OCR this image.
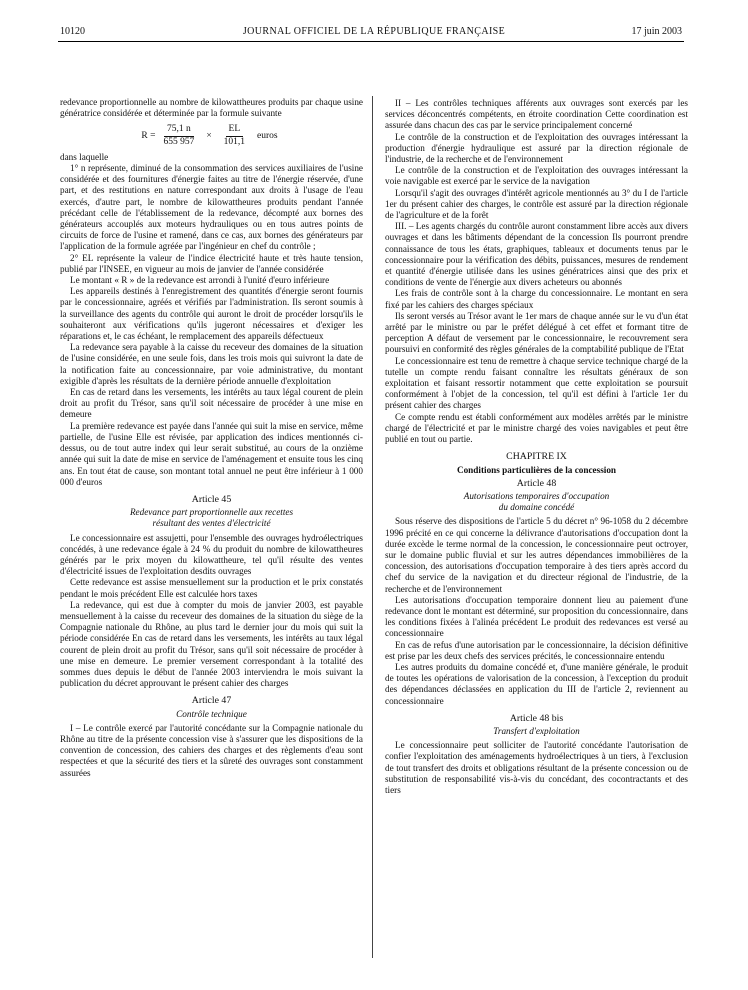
10120	JOURNAL OFFICIEL DE LA RÉPUBLIQUE FRANÇAISE	17 juin 2003

redevance proportionnelle au nombre de kilowattheures produits par chaque usine génératrice considérée et déterminée par la formule suivante

$R = \frac{75,1 n}{655 957} \times \frac{EL}{101,1}$ euros

dans laquelle

1° n représente, diminué de la consommation des services auxiliaires de l'usine considérée et des fournitures d'énergie faites au titre de l'énergie réservée, d'une part, et des restitutions en nature correspondant aux droits à l'usage de l'eau exercés, d'autre part, le nombre de kilowattheures produits pendant l'année précédant celle de l'établissement de la redevance, décompté aux bornes des générateurs accouplés aux moteurs hydrauliques ou en tous autres points de circuits de force de l'usine et ramené, dans ce cas, aux bornes des générateurs par l'application de la formule agréée par l'ingénieur en chef du contrôle ;

2° EL représente la valeur de l'indice électricité haute et très haute tension, publié par l'INSEE, en vigueur au mois de janvier de l'année considérée

Le montant « R » de la redevance est arrondi à l'unité d'euro inférieure

Les appareils destinés à l'enregistrement des quantités d'énergie seront fournis par le concessionnaire, agréés et vérifiés par l'administration. Ils seront soumis à la surveillance des agents du contrôle qui auront le droit de procéder lorsqu'ils le souhaiteront aux vérifications qu'ils jugeront nécessaires et d'exiger les réparations et, le cas échéant, le remplacement des appareils défectueux

La redevance sera payable à la caisse du receveur des domaines de la situation de l'usine considérée, en une seule fois, dans les trois mois qui suivront la date de la notification faite au concessionnaire, par voie administrative, du montant exigible d'après les résultats de la dernière période annuelle d'exploitation

En cas de retard dans les versements, les intérêts au taux légal courent de plein droit au profit du Trésor, sans qu'il soit nécessaire de procéder à une mise en demeure

La première redevance est payée dans l'année qui suit la mise en service, même partielle, de l'usine Elle est révisée, par application des indices mentionnés ci-dessus, ou de tout autre index qui leur serait substitué, au cours de la onzième année qui suit la date de mise en service de l'aménagement et ensuite tous les cinq ans. En tout état de cause, son montant total annuel ne peut être inférieur à 1 000 000 d'euros

Article 45

Redevance part proportionnelle aux recettes

résultant des ventes d'électricité

Le concessionnaire est assujetti, pour l'ensemble des ouvrages hydroélectriques concédés, à une redevance égale à 24 % du produit du nombre de kilowattheures générés par le prix moyen du kilowattheure, tel qu'il résulte des ventes d'électricité issues de l'exploitation desdits ouvrages

Cette redevance est assise mensuellement sur la production et le prix constatés pendant le mois précédent Elle est calculée hors taxes

La redevance, qui est due à compter du mois de janvier 2003, est payable mensuellement à la caisse du receveur des domaines de la situation du siège de la Compagnie nationale du Rhône, au plus tard le dernier jour du mois qui suit la période considérée En cas de retard dans les versements, les intérêts au taux légal courent de plein droit au profit du Trésor, sans qu'il soit nécessaire de procéder à une mise en demeure. Le premier versement correspondant à la totalité des sommes dues depuis le début de l'année 2003 interviendra le mois suivant la publication du décret approuvant le présent cahier des charges

Article 47

Contrôle technique

I – Le contrôle exercé par l'autorité concédante sur la Compagnie nationale du Rhône au titre de la présente concession vise à s'assurer que les dispositions de la convention de concession, des cahiers des charges et des règlements d'eau sont respectées et que la sécurité des tiers et la sûreté des ouvrages sont constamment assurées

II – Les contrôles techniques afférents aux ouvrages sont exercés par les services déconcentrés compétents, en étroite coordination Cette coordination est assurée dans chacun des cas par le service principalement concerné

Le contrôle de la construction et de l'exploitation des ouvrages intéressant la production d'énergie hydraulique est assuré par la direction régionale de l'industrie, de la recherche et de l'environnement

Le contrôle de la construction et de l'exploitation des ouvrages intéressant la voie navigable est exercé par le service de la navigation

Lorsqu'il s'agit des ouvrages d'intérêt agricole mentionnés au 3° du I de l'article 1er du présent cahier des charges, le contrôle est assuré par la direction régionale de l'agriculture et de la forêt

III. – Les agents chargés du contrôle auront constamment libre accès aux divers ouvrages et dans les bâtiments dépendant de la concession Ils pourront prendre connaissance de tous les états, graphiques, tableaux et documents tenus par le concessionnaire pour la vérification des débits, puissances, mesures de rendement et quantité d'énergie utilisée dans les usines génératrices ainsi que des prix et conditions de vente de l'énergie aux divers acheteurs ou abonnés

Les frais de contrôle sont à la charge du concessionnaire. Le montant en sera fixé par les cahiers des charges spéciaux

Ils seront versés au Trésor avant le 1er mars de chaque année sur le vu d'un état arrêté par le ministre ou par le préfet délégué à cet effet et formant titre de perception A défaut de versement par le concessionnaire, le recouvrement sera poursuivi en conformité des règles générales de la comptabilité publique de l'Etat

Le concessionnaire est tenu de remettre à chaque service technique chargé de la tutelle un compte rendu faisant connaître les résultats généraux de son exploitation et faisant ressortir notamment que cette exploitation se poursuit conformément à l'objet de la concession, tel qu'il est défini à l'article 1er du présent cahier des charges

Ce compte rendu est établi conformément aux modèles arrêtés par le ministre chargé de l'électricité et par le ministre chargé des voies navigables et peut être publié en tout ou partie.

CHAPITRE IX

Conditions particulières de la concession

Article 48

Autorisations temporaires d'occupation

du domaine concédé

Sous réserve des dispositions de l'article 5 du décret n° 96-1058 du 2 décembre 1996 précité en ce qui concerne la délivrance d'autorisations d'occupation dont la durée excède le terme normal de la concession, le concessionnaire peut octroyer, sur le domaine public fluvial et sur les autres dépendances immobilières de la concession, des autorisations d'occupation temporaire à des tiers après accord du chef du service de la navigation et du directeur régional de l'industrie, de la recherche et de l'environnement

Les autorisations d'occupation temporaire donnent lieu au paiement d'une redevance dont le montant est déterminé, sur proposition du concessionnaire, dans les conditions fixées à l'alinéa précédent Le produit des redevances est versé au concessionnaire

En cas de refus d'une autorisation par le concessionnaire, la décision définitive est prise par les deux chefs des services précités, le concessionnaire entendu

Les autres produits du domaine concédé et, d'une manière générale, le produit de toutes les opérations de valorisation de la concession, à l'exception du produit des dépendances déclassées en application du III de l'article 2, reviennent au concessionnaire

Article 48 bis

Transfert d'exploitation

Le concessionnaire peut solliciter de l'autorité concédante l'autorisation de confier l'exploitation des aménagements hydroélectriques à un tiers, à l'exclusion de tout transfert des droits et obligations résultant de la présente concession ou de substitution de responsabilité vis-à-vis du concédant, des cocontractants et des tiers
